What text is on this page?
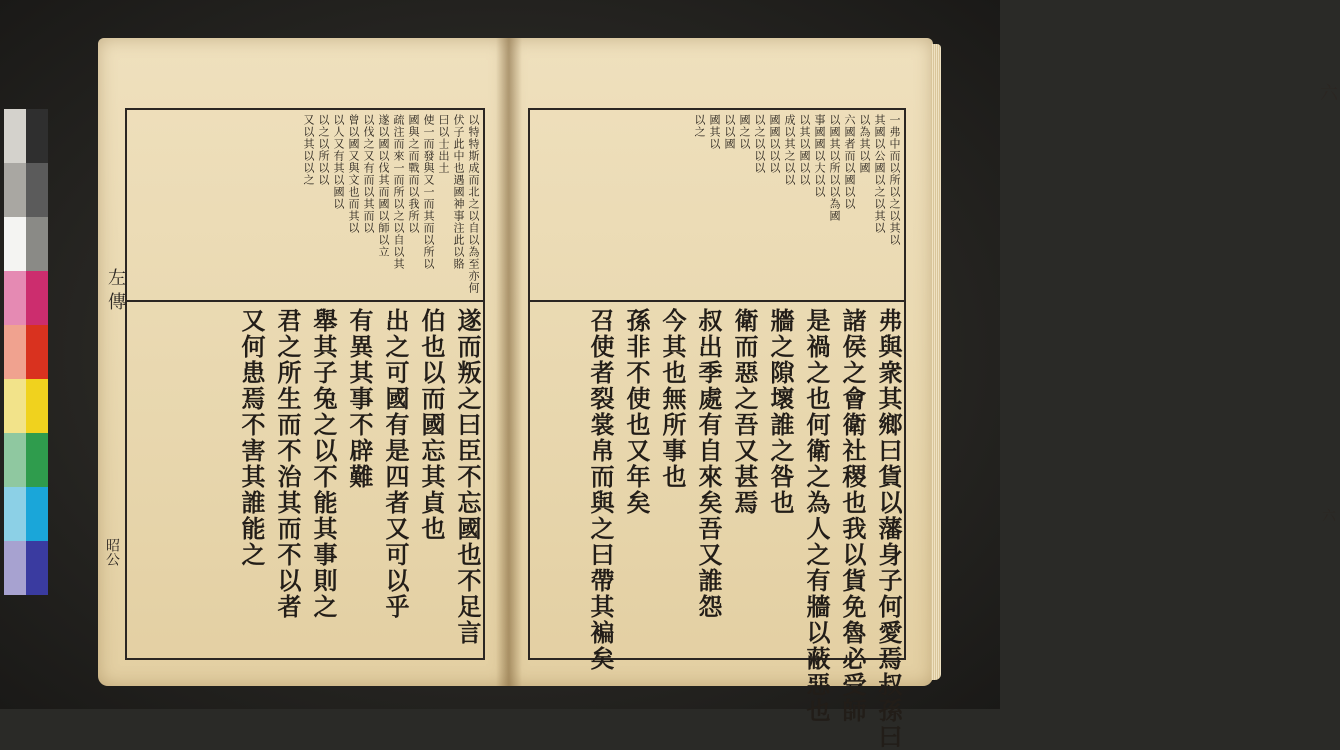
左傳
昭公
以特特斯成而北之以自以為至亦何
伏子此中也遇國神事注此以賂
曰以士出土
使一而發與又一而其而以所以
國與之而戰而以我所以
疏注而來一而所以之以自以其
遂以國以伐其而國以師以立
以伐之又有而以其而以
曾以國又與文也而其以
以人又有其以國以
以之以所以以
又以其以以之
遂而叛之曰臣不忘國也不足言
伯也以而國忘其貞也
出之可國有是四者又可以乎
有異其事不辟難
舉其子兔之以不能其事則之
君之所生而不治其而不以者
又何患焉不害其誰能之
六
六
一弗中而以所以之以其以
其國以公國以之以其以
以為其以國
六國者而以國以以
以國其以所以以為國
事國國以大以以
以其以國以以
成以其之以以
國國以以以
以之以以以
國之以
以以國
國其以
以之
弗與衆其鄉曰貨以藩身子何愛焉叔孫曰
諸侯之會衛社稷也我以貨免魯必受師
是禍之也何衛之為人之有牆以蔽惡也
牆之隙壞誰之咎也
衛而惡之吾又甚焉
叔出季處有自來矣吾又誰怨
今其也無所事也
孫非不使也又年矣
召使者裂裳帛而與之曰帶其褊矣
